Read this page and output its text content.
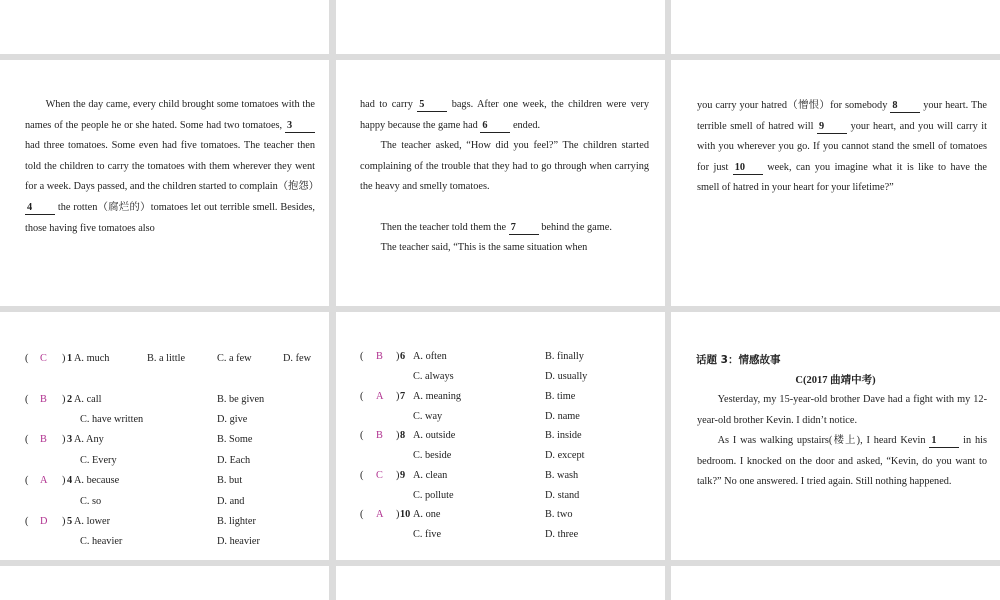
When the day came, every child brought some tomatoes with the names of the people he or she hated. Some had two tomatoes, 3 had three tomatoes. Some even had five tomatoes. The teacher then told the children to carry the tomatoes with them wherever they went for a week. Days passed, and the children started to complain（抱怨）4 the rotten（腐烂的）tomatoes let out terrible smell. Besides, those having five tomatoes also

had to carry 5 bags. After one week, the children were very happy because the game had 6 ended.

The teacher asked, “How did you feel?” The children started complaining of the trouble that they had to go through when carrying the heavy and smelly tomatoes.

Then the teacher told them the 7 behind the game.

The teacher said, “This is the same situation when

you carry your hatred（憎恨）for somebody 8 your heart. The terrible smell of hatred will 9 your heart, and you will carry it with you wherever you go. If you cannot stand the smell of tomatoes for just 10 week, can you imagine what it is like to have the smell of hatred in your heart for your lifetime?”

( C ) 1 A. much	B. a little	C. a few	D. few
( B ) 2 A. call	B. be given
C. have written	D. give
( B ) 3 A. Any	B. Some
C. Every	D. Each
( A ) 4 A. because	B. but
C. so	D. and
( D ) 5 A. lower	B. lighter
C. heavier	D. heavier
( B ) 6 A. often	B. finally
C. always	D. usually
( A ) 7 A. meaning	B. time
C. way	D. name
( B ) 8 A. outside	B. inside
C. beside	D. except
( C ) 9 A. clean	B. wash
C. pollute	D. stand
( A ) 10 A. one	B. two
C. five	D. three
话题 3：情感故事
C(2017 曲靖中考)

Yesterday, my 15-year-old brother Dave had a fight with my 12-year-old brother Kevin. I didn’t notice.

As I was walking upstairs(楼上), I heard Kevin 1 in his bedroom. I knocked on the door and asked, “Kevin, do you want to talk?” No one answered. I tried again. Still nothing happened.
